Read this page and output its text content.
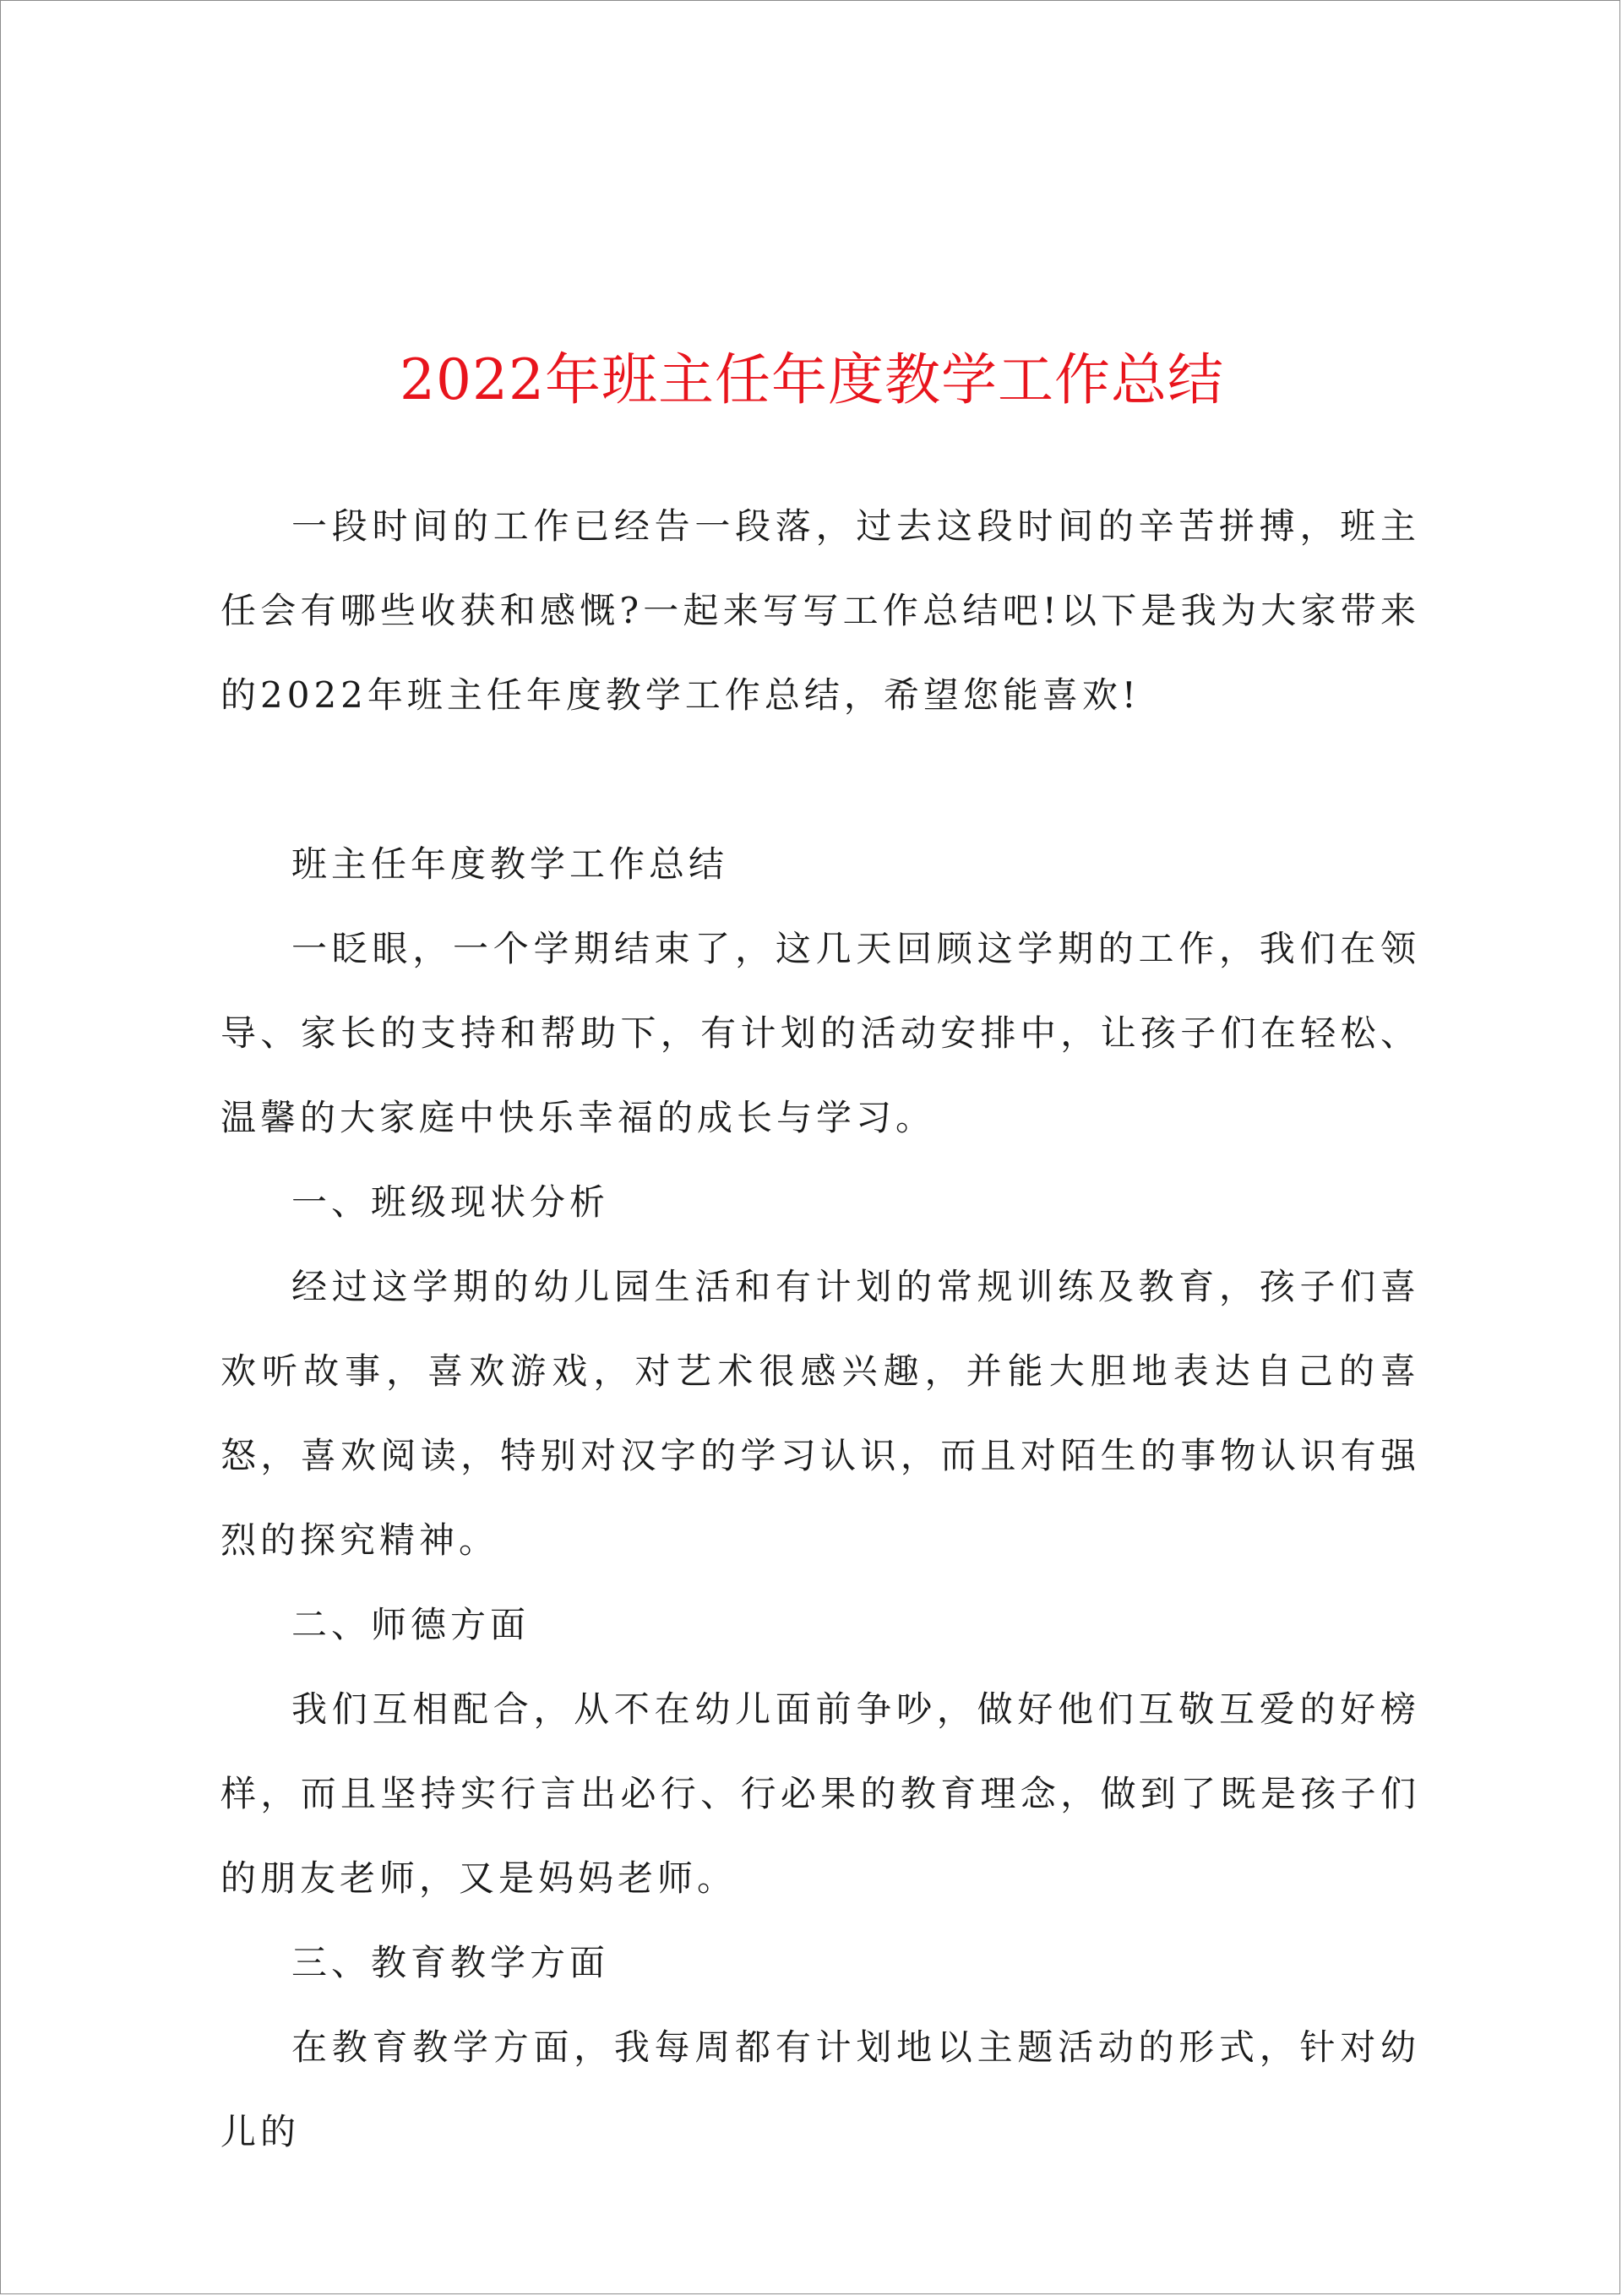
2022年班主任年度教学工作总结

一段时间的工作已经告一段落，过去这段时间的辛苦拼搏，班主任会有哪些收获和感慨?一起来写写工作总结吧!以下是我为大家带来的2022年班主任年度教学工作总结，希望您能喜欢!

班主任年度教学工作总结

一眨眼，一个学期结束了，这几天回顾这学期的工作，我们在领导、家长的支持和帮助下，有计划的活动安排中，让孩子们在轻松、温馨的大家庭中快乐幸福的成长与学习。

一、班级现状分析

经过这学期的幼儿园生活和有计划的常规训练及教育，孩子们喜欢听故事，喜欢游戏，对艺术很感兴趣，并能大胆地表达自己的喜怒，喜欢阅读，特别对汉字的学习认识，而且对陌生的事物认识有强烈的探究精神。

二、师德方面

我们互相配合，从不在幼儿面前争吵，做好他们互敬互爱的好榜样，而且坚持实行言出必行、行必果的教育理念，做到了既是孩子们的朋友老师，又是妈妈老师。

三、教育教学方面

在教育教学方面，我每周都有计划地以主题活动的形式，针对幼儿的
